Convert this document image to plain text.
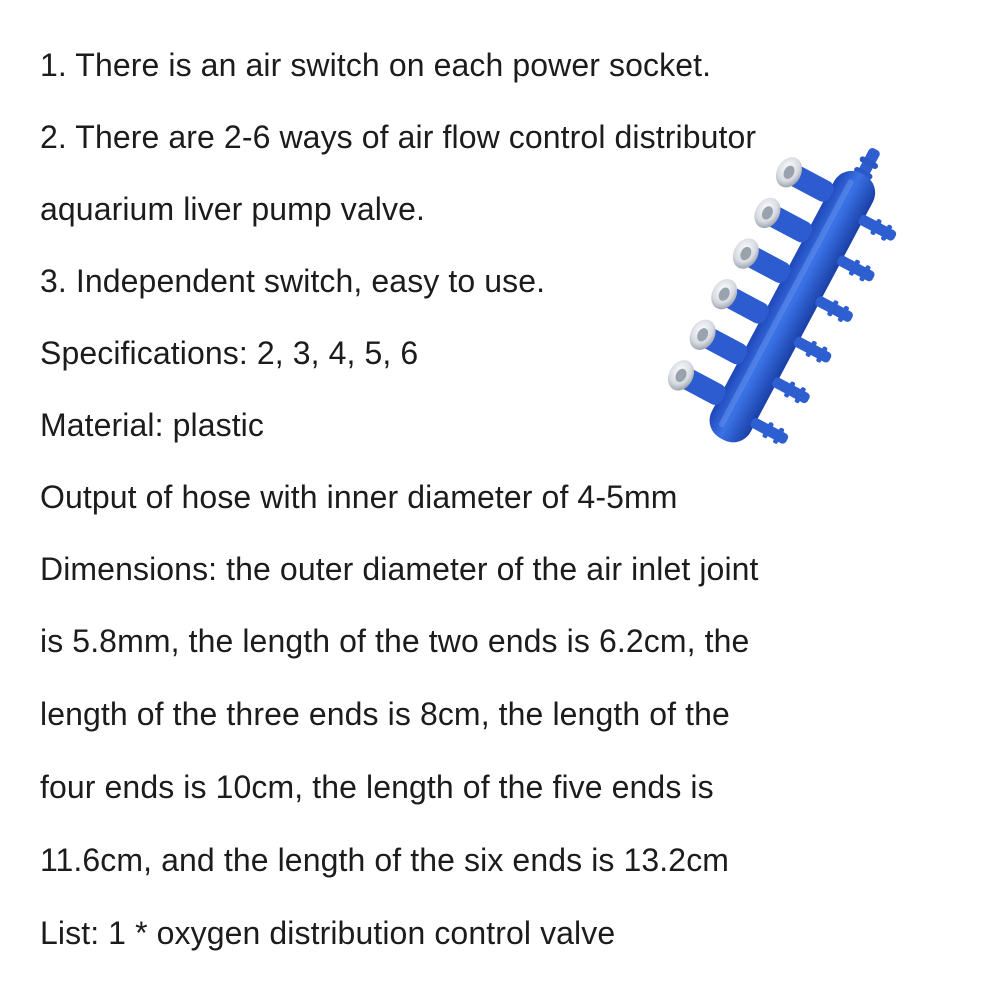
1. There is an air switch on each power socket.
2. There are 2-6 ways of air flow control distributor
aquarium liver pump valve.
3. Independent switch, easy to use.
Specifications: 2, 3, 4, 5, 6
Material: plastic
Output of hose with inner diameter of 4-5mm
Dimensions: the outer diameter of the air inlet joint
is 5.8mm, the length of the two ends is 6.2cm, the
length of the three ends is 8cm, the length of the
four ends is 10cm, the length of the five ends is
11.6cm, and the length of the six ends is 13.2cm
List: 1 * oxygen distribution control valve
